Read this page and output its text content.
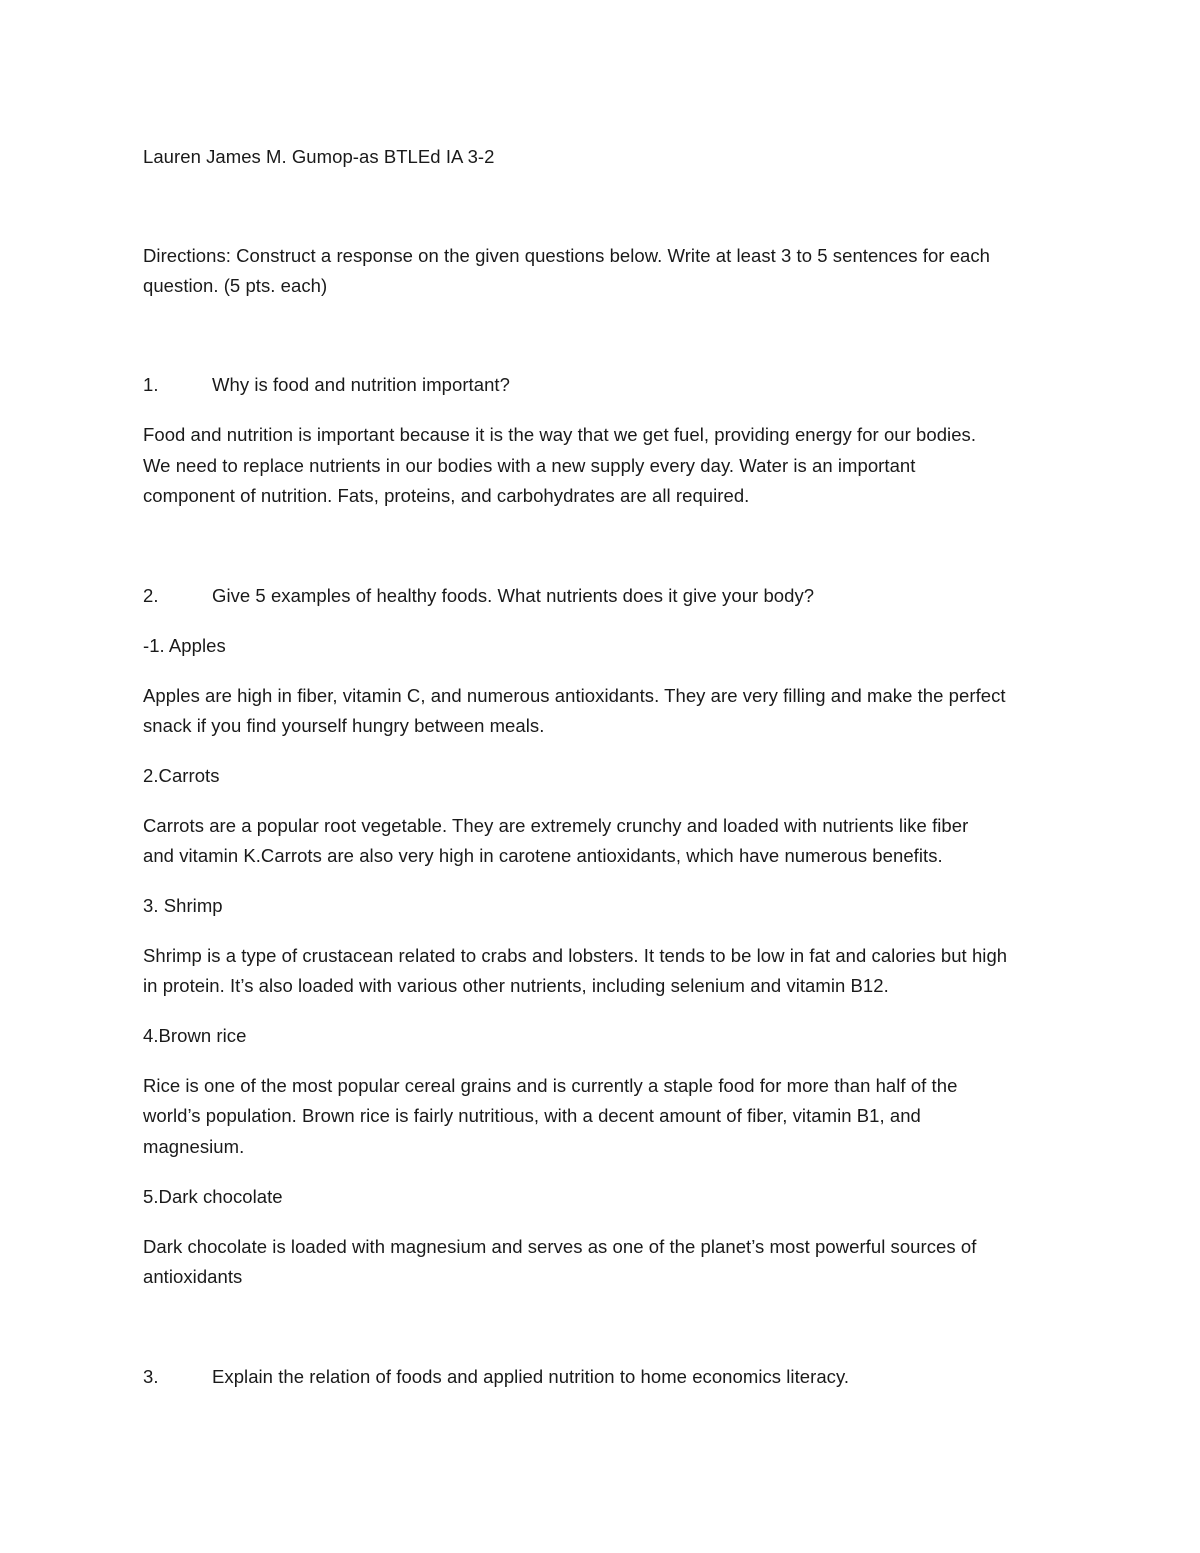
Lauren James M. Gumop-as BTLEd IA 3-2
Directions: Construct a response on the given questions below. Write at least 3 to 5 sentences for each
question. (5 pts. each)
1.	Why is food and nutrition important?
Food and nutrition is important because it is the way that we get fuel, providing energy for our bodies.
We need to replace nutrients in our bodies with a new supply every day. Water is an important
component of nutrition. Fats, proteins, and carbohydrates are all required.
2.	Give 5 examples of healthy foods. What nutrients does it give your body?
-1. Apples
Apples are high in fiber, vitamin C, and numerous antioxidants. They are very filling and make the perfect
snack if you find yourself hungry between meals.
2.Carrots
Carrots are a popular root vegetable. They are extremely crunchy and loaded with nutrients like fiber
and vitamin K.Carrots are also very high in carotene antioxidants, which have numerous benefits.
3. Shrimp
Shrimp is a type of crustacean related to crabs and lobsters. It tends to be low in fat and calories but high
in protein. It’s also loaded with various other nutrients, including selenium and vitamin B12.
4.Brown rice
Rice is one of the most popular cereal grains and is currently a staple food for more than half of the
world’s population. Brown rice is fairly nutritious, with a decent amount of fiber, vitamin B1, and
magnesium.
5.Dark chocolate
Dark chocolate is loaded with magnesium and serves as one of the planet’s most powerful sources of
antioxidants
3.	Explain the relation of foods and applied nutrition to home economics literacy.
